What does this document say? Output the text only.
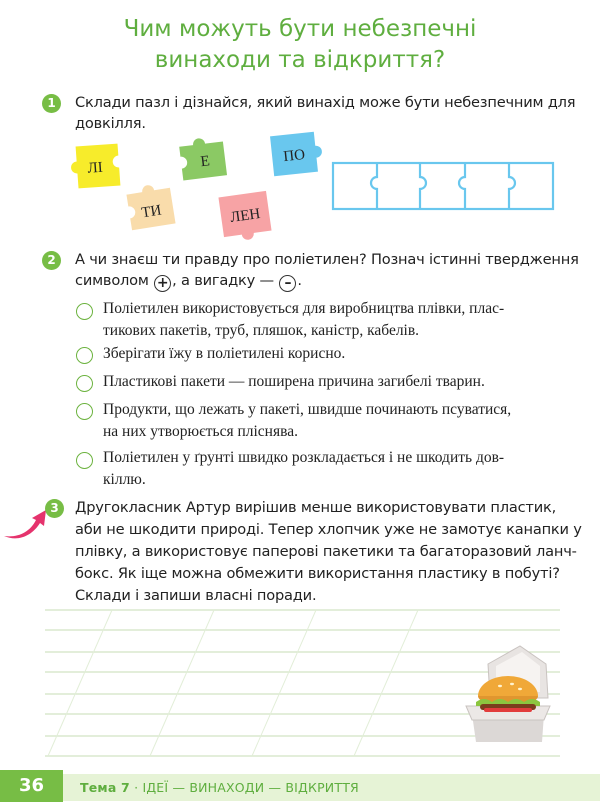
Чим можуть бути небезпечні
винаходи та відкриття?
1	Склади пазл і дізнайся, який винахід може бути небезпечним для
довкілля.
ЛІ	Е	ПО
ТИ	ЛЕН
2	А чи знаєш ти правду про поліетилен? Познач істинні твердження
символом + , а вигадку — – .
Поліетилен використовується для виробництва плівки, плас-
тикових пакетів, труб, пляшок, каністр, кабелів.
Зберігати їжу в поліетилені корисно.
Пластикові пакети — поширена причина загибелі тварин.
Продукти, що лежать у пакеті, швидше починають псуватися,
на них утворюється пліснява.
Поліетилен у ґрунті швидко розкладається і не шкодить дов-
кіллю.
3	Другокласник Артур вирішив менше використовувати пластик,
аби не шкодити природі. Тепер хлопчик уже не замотує канапки у
плівку, а використовує паперові пакетики та багаторазовий ланч-
бокс. Як іще можна обмежити використання пластику в побуті?
Склади і запиши власні поради.
36	Тема 7 · ІДЕЇ — ВИНАХОДИ — ВІДКРИТТЯ
